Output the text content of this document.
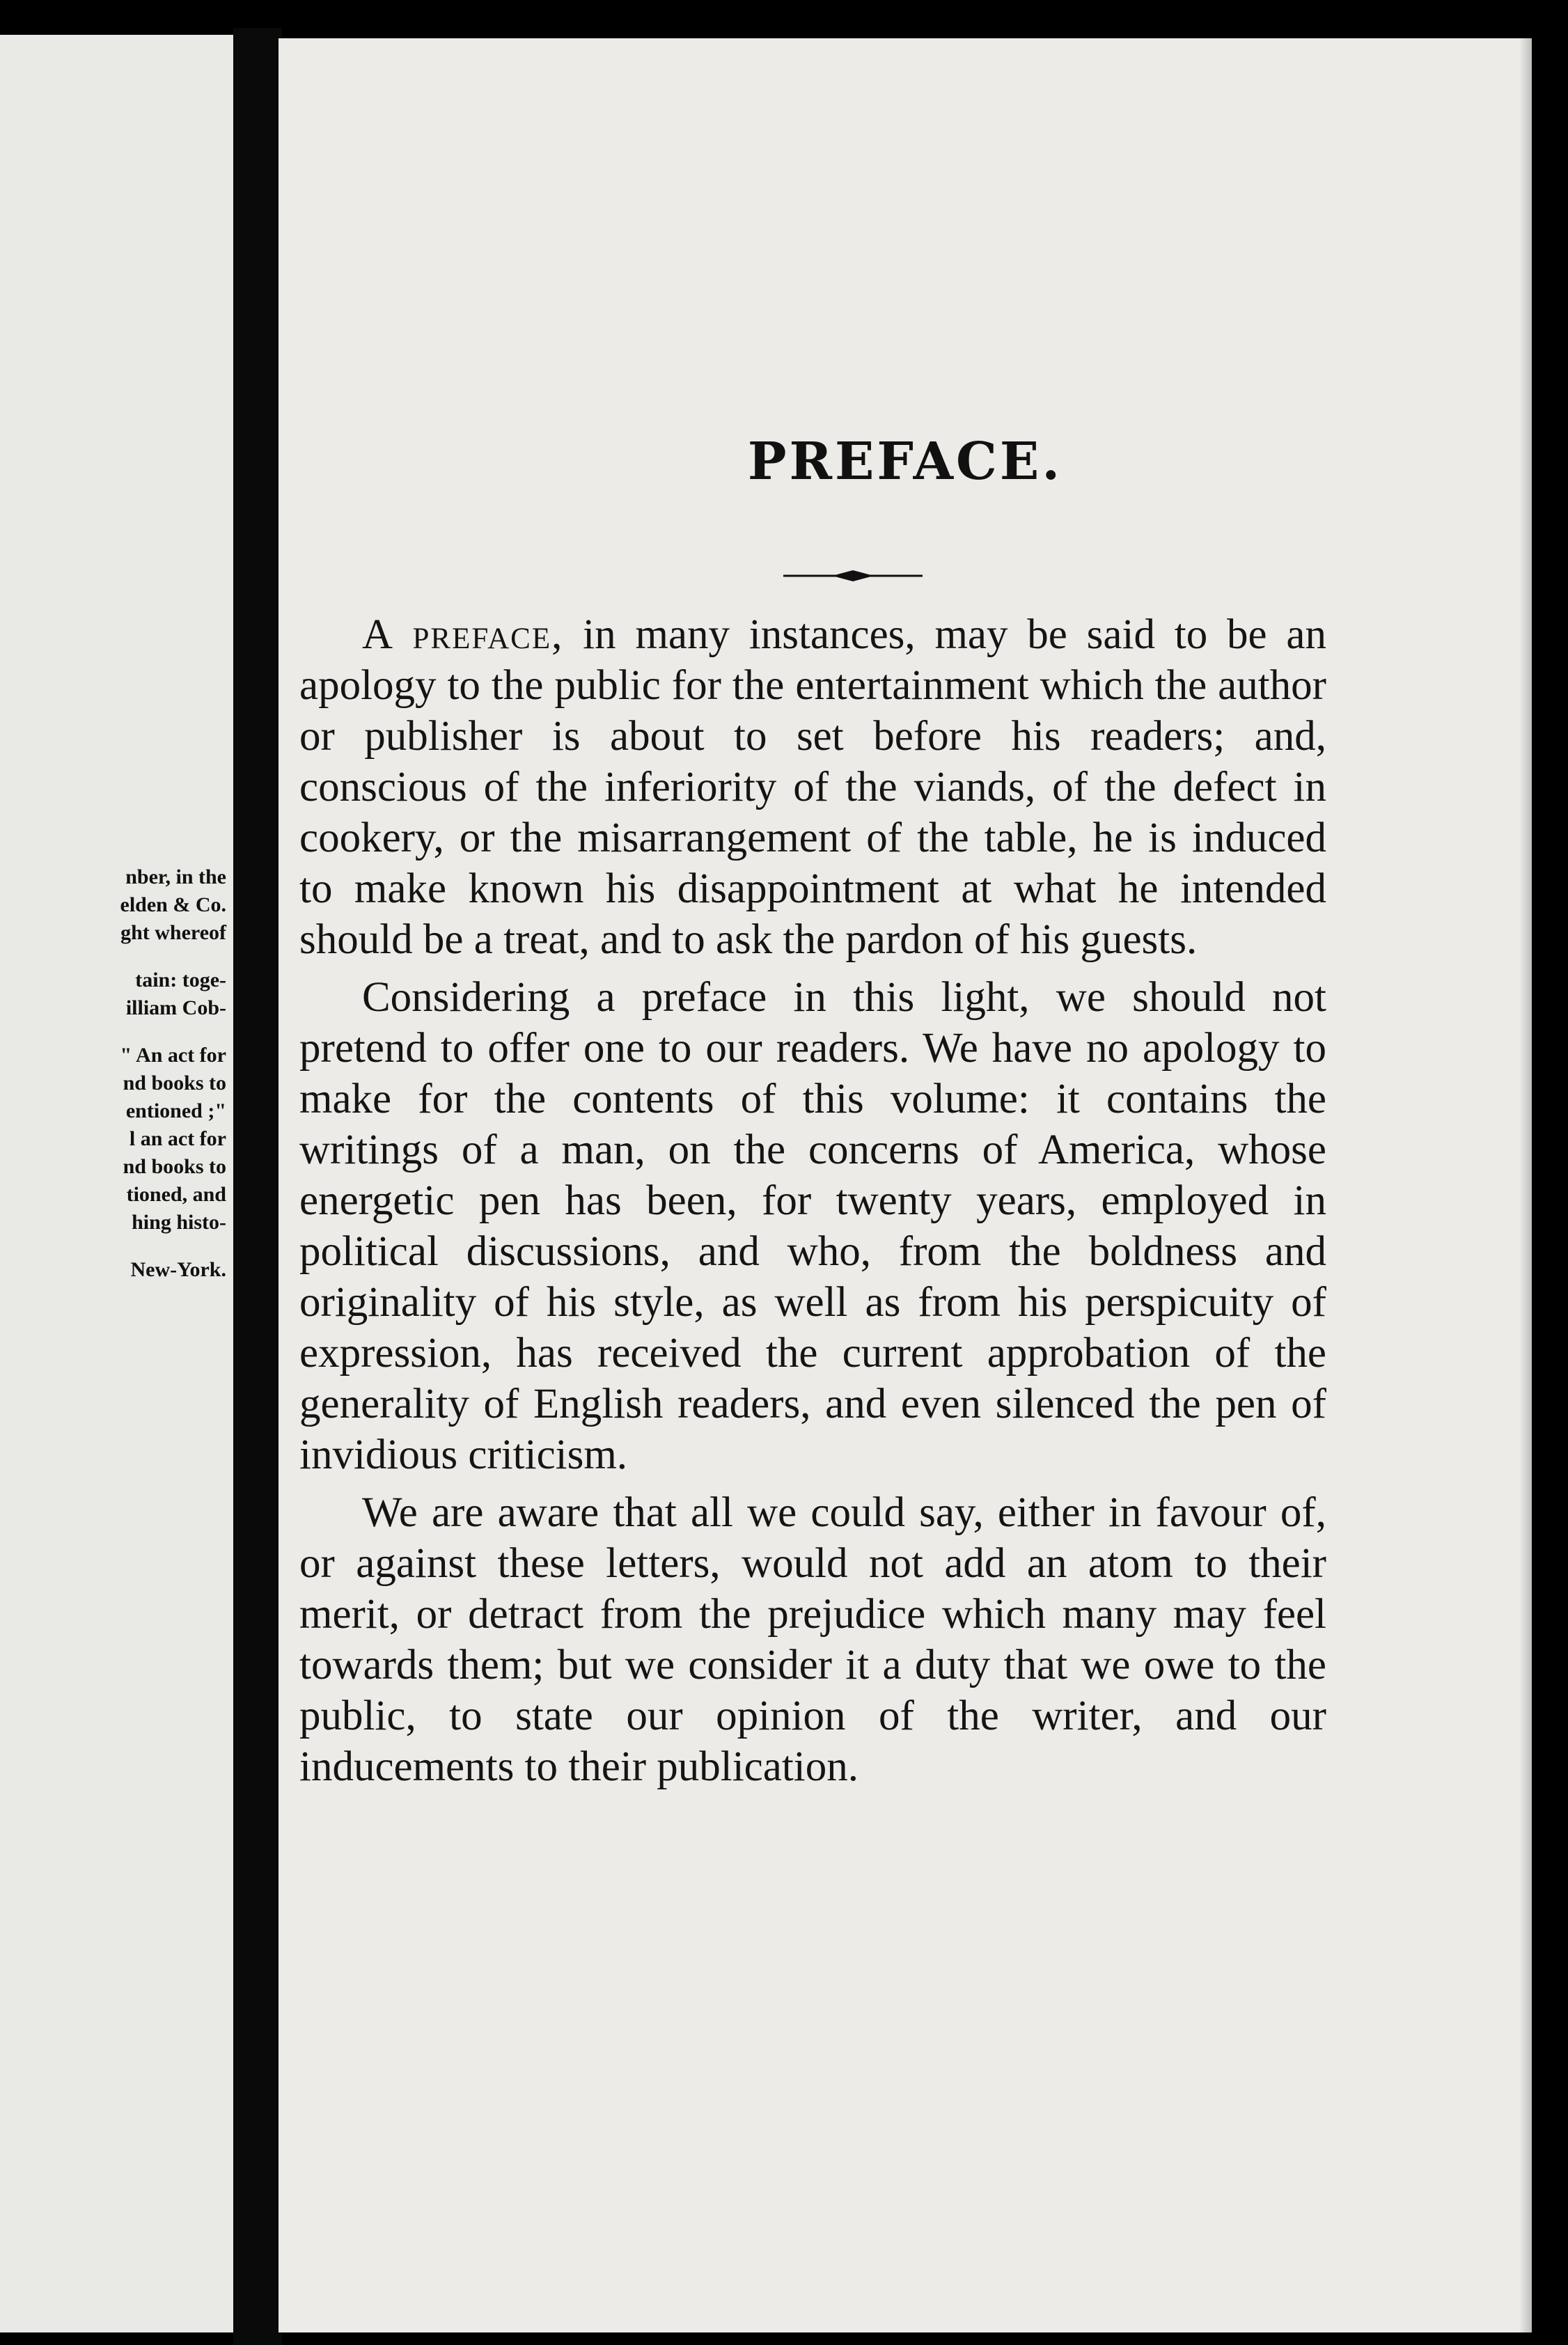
nber, in the
elden & Co.
ght whereof
tain: toge-
illiam Cob-
" An act for
nd books to
entioned ;"
l an act for
nd books to
tioned, and
hing histo-
New-York.
PREFACE.

A preface, in many instances, may be said to be an apology to the public for the entertainment which the author or publisher is about to set before his readers; and, conscious of the inferiority of the viands, of the defect in cookery, or the misarrangement of the table, he is induced to make known his disappointment at what he intended should be a treat, and to ask the pardon of his guests.

Considering a preface in this light, we should not pretend to offer one to our readers. We have no apology to make for the contents of this volume: it contains the writings of a man, on the concerns of America, whose energetic pen has been, for twenty years, employed in political discussions, and who, from the boldness and originality of his style, as well as from his perspicuity of expression, has received the current approbation of the generality of English readers, and even silenced the pen of invidious criticism.

We are aware that all we could say, either in favour of, or against these letters, would not add an atom to their merit, or detract from the prejudice which many may feel towards them; but we consider it a duty that we owe to the public, to state our opinion of the writer, and our inducements to their publication.
